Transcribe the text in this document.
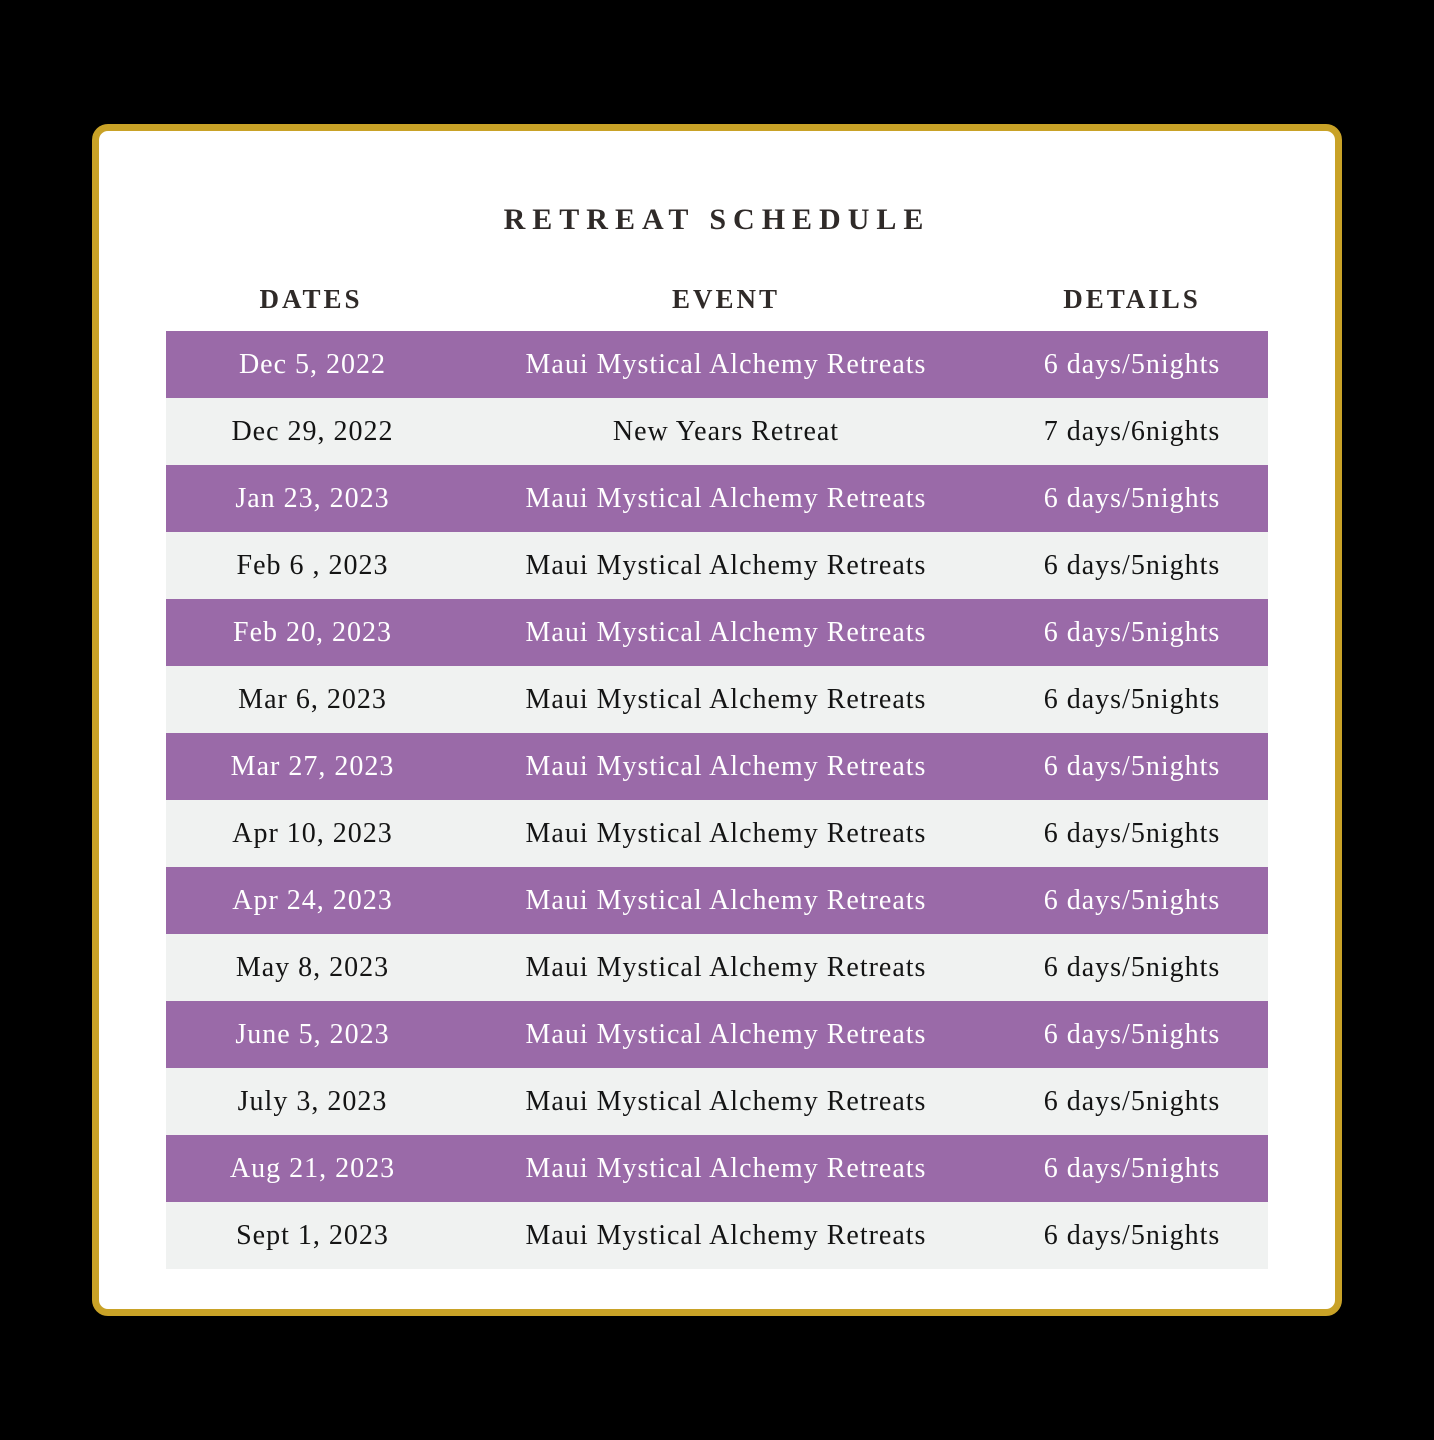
RETREAT SCHEDULE
DATES	EVENT	DETAILS
Dec 5, 2022	Maui Mystical Alchemy Retreats	6 days/5nights
Dec 29, 2022	New Years Retreat	7 days/6nights
Jan 23, 2023	Maui Mystical Alchemy Retreats	6 days/5nights
Feb 6 , 2023	Maui Mystical Alchemy Retreats	6 days/5nights
Feb 20, 2023	Maui Mystical Alchemy Retreats	6 days/5nights
Mar 6, 2023	Maui Mystical Alchemy Retreats	6 days/5nights
Mar 27, 2023	Maui Mystical Alchemy Retreats	6 days/5nights
Apr 10, 2023	Maui Mystical Alchemy Retreats	6 days/5nights
Apr 24, 2023	Maui Mystical Alchemy Retreats	6 days/5nights
May 8, 2023	Maui Mystical Alchemy Retreats	6 days/5nights
June 5, 2023	Maui Mystical Alchemy Retreats	6 days/5nights
July 3, 2023	Maui Mystical Alchemy Retreats	6 days/5nights
Aug 21, 2023	Maui Mystical Alchemy Retreats	6 days/5nights
Sept 1, 2023	Maui Mystical Alchemy Retreats	6 days/5nights
